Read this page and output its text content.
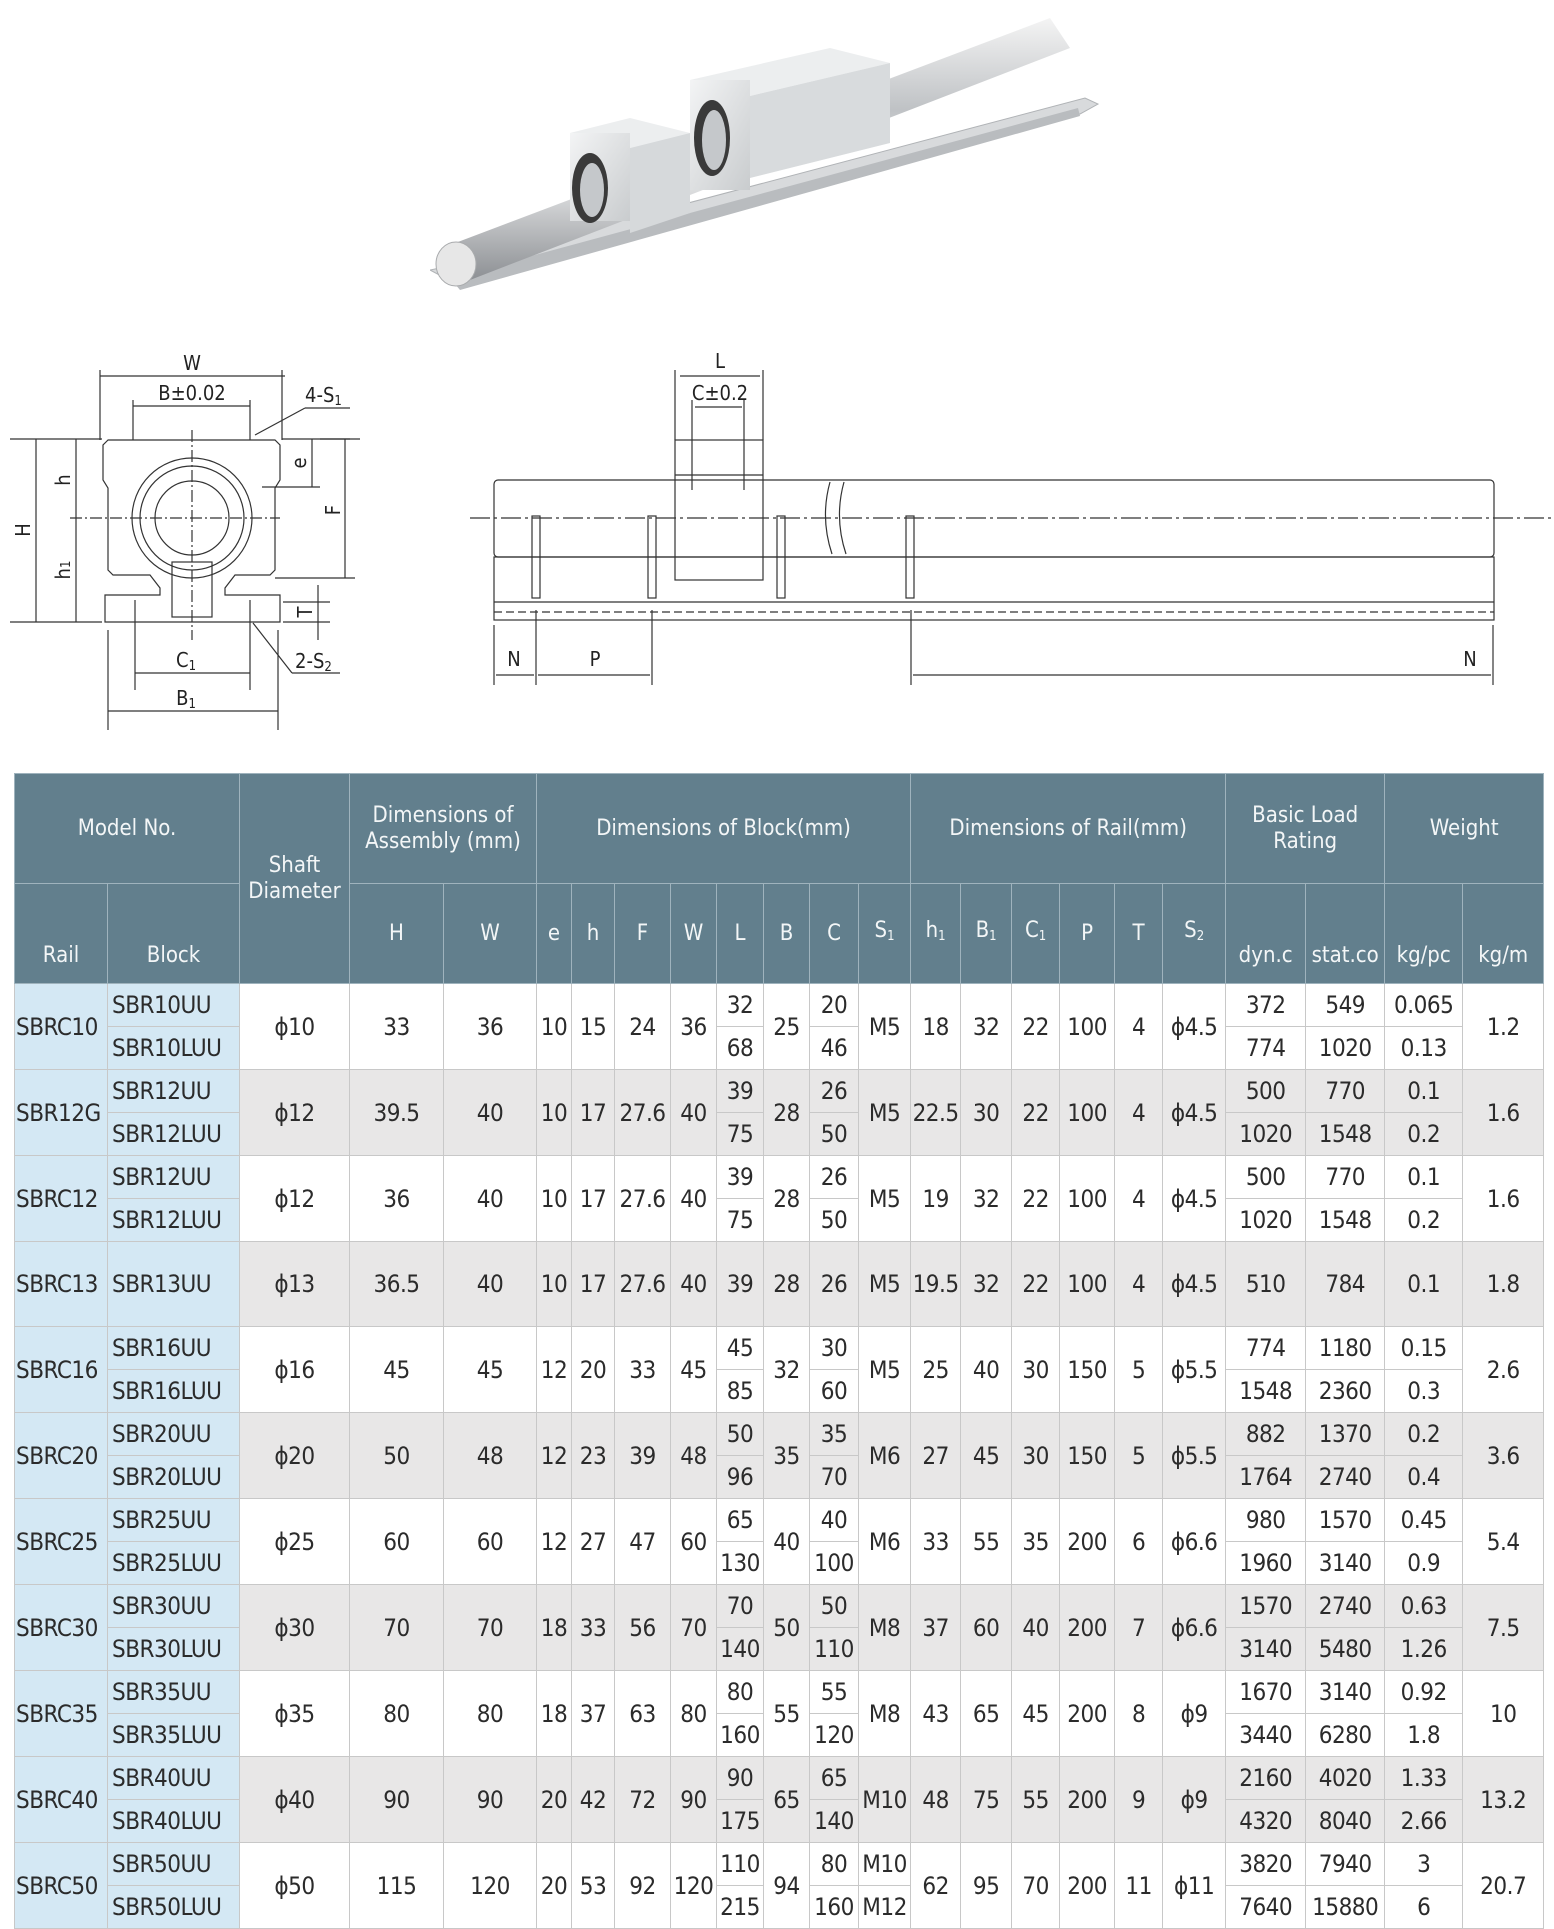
W
B±0.02	4-S1
H
h
h1
e
F
T
C1
B1
2-S2
L
C±0.2
N	P	N
Model No.		Shaft Diameter	Dimensions of Assembly (mm)		Dimensions of Block(mm)								Dimensions of Rail(mm)						Basic Load Rating		Weight	
Rail	Block		H	W	e	h	F	W	L	B	C	$S_1$	$h_1$	$B_1$	$C_1$	P	T	$S_2$	dyn.c	stat.co	kg/pc	kg/m
SBRC10	SBR10UU	ϕ10	33	36	10	15	24	36	32	25	20	M5	18	32	22	100	4	ϕ4.5	372	549	0.065	1.2
	SBR10LUU								68		46								774	1020	0.13	
SBR12G	SBR12UU	ϕ12	39.5	40	10	17	27.6	40	39	28	26	M5	22.5	30	22	100	4	ϕ4.5	500	770	0.1	1.6
	SBR12LUU								75		50								1020	1548	0.2	
SBRC12	SBR12UU	ϕ12	36	40	10	17	27.6	40	39	28	26	M5	19	32	22	100	4	ϕ4.5	500	770	0.1	1.6
	SBR12LUU								75		50								1020	1548	0.2	
SBRC13	SBR13UU	ϕ13	36.5	40	10	17	27.6	40	39	28	26	M5	19.5	32	22	100	4	ϕ4.5	510	784	0.1	1.8
SBRC16	SBR16UU	ϕ16	45	45	12	20	33	45	45	32	30	M5	25	40	30	150	5	ϕ5.5	774	1180	0.15	2.6
	SBR16LUU								85		60								1548	2360	0.3	
SBRC20	SBR20UU	ϕ20	50	48	12	23	39	48	50	35	35	M6	27	45	30	150	5	ϕ5.5	882	1370	0.2	3.6
	SBR20LUU								96		70								1764	2740	0.4	
SBRC25	SBR25UU	ϕ25	60	60	12	27	47	60	65	40	40	M6	33	55	35	200	6	ϕ6.6	980	1570	0.45	5.4
	SBR25LUU								130		100								1960	3140	0.9	
SBRC30	SBR30UU	ϕ30	70	70	18	33	56	70	70	50	50	M8	37	60	40	200	7	ϕ6.6	1570	2740	0.63	7.5
	SBR30LUU								140		110								3140	5480	1.26	
SBRC35	SBR35UU	ϕ35	80	80	18	37	63	80	80	55	55	M8	43	65	45	200	8	ϕ9	1670	3140	0.92	10
	SBR35LUU								160		120								3440	6280	1.8	
SBRC40	SBR40UU	ϕ40	90	90	20	42	72	90	90	65	65	M10	48	75	55	200	9	ϕ9	2160	4020	1.33	13.2
	SBR40LUU								175		140								4320	8040	2.66	
SBRC50	SBR50UU	ϕ50	115	120	20	53	92	120	110	94	80	M10	62	95	70	200	11	ϕ11	3820	7940	3	20.7
	SBR50LUU								215		160	M12							7640	15880	6	
